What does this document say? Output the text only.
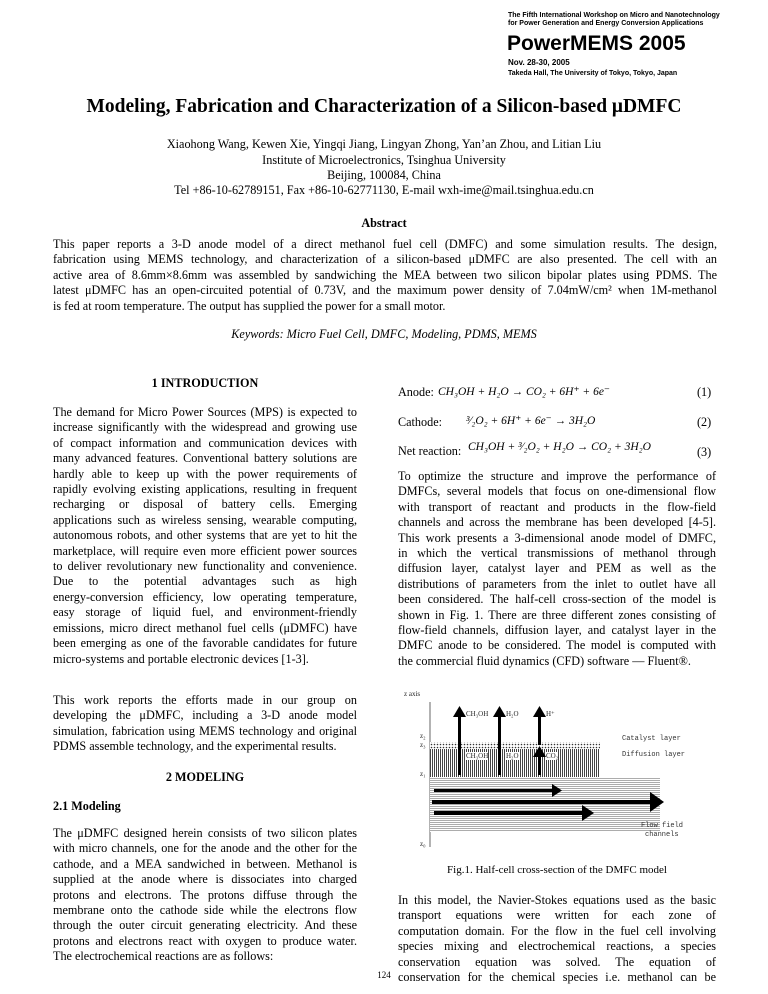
The Fifth International Workshop on Micro and Nanotechnology
for Power Generation and Energy Conversion Applications
PowerMEMS 2005
Nov. 28-30, 2005
Takeda Hall, The University of Tokyo, Tokyo, Japan
Modeling, Fabrication and Characterization of a Silicon-based μDMFC
Xiaohong Wang, Kewen Xie, Yingqi Jiang, Lingyan Zhong, Yan’an Zhou, and Litian Liu
Institute of Microelectronics, Tsinghua University
Beijing, 100084, China
Tel +86-10-62789151, Fax +86-10-62771130, E-mail wxh-ime@mail.tsinghua.edu.cn
Abstract
This paper reports a 3-D anode model of a direct methanol fuel cell (DMFC) and some simulation results. The design,
fabrication using MEMS technology, and characterization of a silicon-based μDMFC are also presented. The cell with an
active area of 8.6mm×8.6mm was assembled by sandwiching the MEA between two silicon bipolar plates using PDMS. The
latest μDMFC has an open-circuited potential of 0.73V, and the maximum power density of 7.04mW/cm² when 1M-methanol
is fed at room temperature. The output has supplied the power for a small motor.
Keywords: Micro Fuel Cell, DMFC, Modeling, PDMS, MEMS
1 INTRODUCTION
The demand for Micro Power Sources (MPS) is expected to
increase significantly with the widespread and growing use
of compact information and communication devices with
many advanced features. Conventional battery solutions are
hardly able to keep up with the power requirements of
rapidly evolving existing applications, resulting in frequent
recharging or disposal of battery cells. Emerging
applications such as wireless sensing, wearable computing,
autonomous robots, and other systems that are yet to hit the
marketplace, will require even more efficient power sources
to deliver revolutionary new functionality and convenience.
Due to the potential advantages such as high
energy-conversion efficiency, low operating temperature,
easy storage of liquid fuel, and environment-friendly
emissions, micro direct methanol fuel cells (μDMFC) have
been emerging as one of the favorable candidates for future
micro-systems and portable electronic devices [1-3].
This work reports the efforts made in our group on
developing the μDMFC, including a 3-D anode model
simulation, fabrication using MEMS technology and original
PDMS assemble technology, and the experimental results.
2 MODELING
2.1 Modeling
The μDMFC designed herein consists of two silicon plates
with micro channels, one for the anode and the other for the
cathode, and a MEA sandwiched in between. Methanol is
supplied at the anode where is dissociates into charged
protons and electrons. The protons diffuse through the
membrane onto the cathode side while the electrons flow
through the outer circuit generating electricity. And these
protons and electrons react with oxygen to produce water.
The electrochemical reactions are as follows:
Anode: CH₃OH + H₂O → CO₂ + 6H⁺ + 6e⁻	(1)
Cathode: ³⁄₂O₂ + 6H⁺ + 6e⁻ → 3H₂O	(2)
Net reaction: CH₃OH + ³⁄₂O₂ + H₂O → CO₂ + 3H₂O	(3)
To optimize the structure and improve the performance of
DMFCs, several models that focus on one-dimensional flow
with transport of reactant and products in the flow-field
channels and across the membrane has been developed [4-5].
This work presents a 3-dimensional anode model of DMFC,
in which the vertical transmissions of methanol through
diffusion layer, catalyst layer and PEM as well as the
distributions of parameters from the inlet to outlet have all
been considered. The half-cell cross-section of the model is
shown in Fig. 1. There are three different zones consisting of
flow-field channels, diffusion layer, and catalyst layer in the
DMFC anode to be considered. The model is computed with
the commercial fluid dynamics (CFD) software — Fluent®.
z axis
z₂
z₃
z₁
z₀
CH₃OH	H₂O	H⁺
CH₃OH	H₂O	CO₂
Catalyst layer
Diffusion layer
Flow field
channels
Fig.1. Half-cell cross-section of the DMFC model
In this model, the Navier-Stokes equations used as the basic
transport equations were written for each zone of
computation domain. For the flow in the fuel cell involving
species mixing and electrochemical reactions, a species
conservation equation was solved. The equation of
conservation for the chemical species i.e. methanol can be
124
